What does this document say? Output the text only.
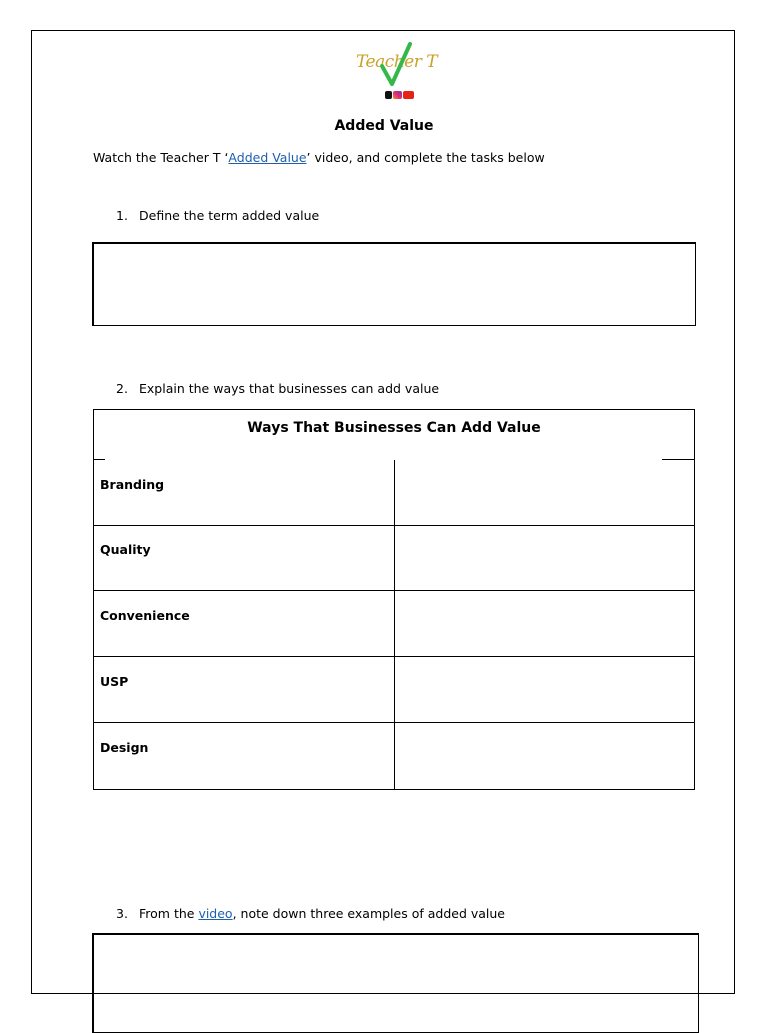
Teacher T
Added Value
Watch the Teacher T ‘Added Value’ video, and complete the tasks below
1. Define the term added value
2. Explain the ways that businesses can add value
Ways That Businesses Can Add Value
Branding
Quality
Convenience
USP
Design
3. From the video, note down three examples of added value
